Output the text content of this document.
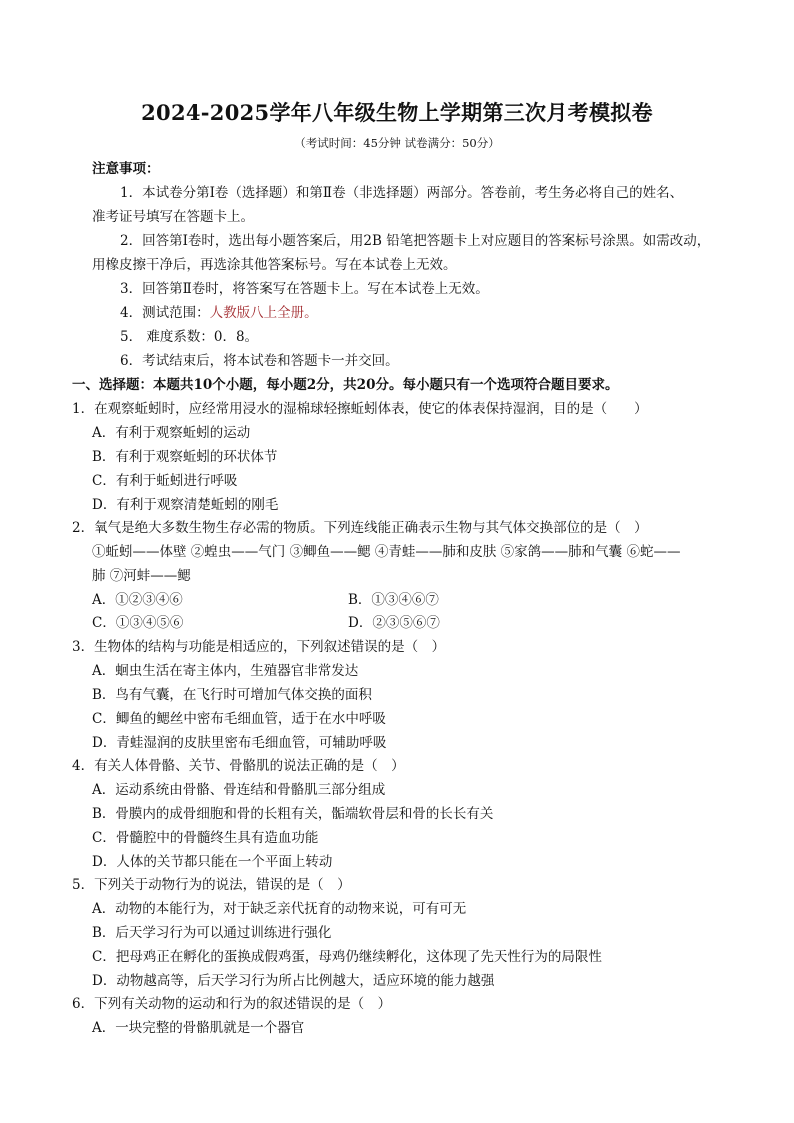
2024-2025学年八年级生物上学期第三次月考模拟卷
（考试时间：45分钟 试卷满分：50分）
注意事项：
1．本试卷分第Ⅰ卷（选择题）和第Ⅱ卷（非选择题）两部分。答卷前，考生务必将自己的姓名、
准考证号填写在答题卡上。
2．回答第Ⅰ卷时，选出每小题答案后，用2B 铅笔把答题卡上对应题目的答案标号涂黑。如需改动，
用橡皮擦干净后，再选涂其他答案标号。写在本试卷上无效。
3．回答第Ⅱ卷时，将答案写在答题卡上。写在本试卷上无效。
4．测试范围：人教版八上全册。
5． 难度系数：0．8。
6．考试结束后，将本试卷和答题卡一并交回。
一、选择题：本题共10个小题，每小题2分，共20分。每小题只有一个选项符合题目要求。
1．在观察蚯蚓时，应经常用浸水的湿棉球轻擦蚯蚓体表，使它的体表保持湿润，目的是（　　）
A．有利于观察蚯蚓的运动
B．有利于观察蚯蚓的环状体节
C．有利于蚯蚓进行呼吸
D．有利于观察清楚蚯蚓的刚毛
2．氧气是绝大多数生物生存必需的物质。下列连线能正确表示生物与其气体交换部位的是（　）
①蚯蚓——体壁 ②蝗虫——气门 ③鲫鱼——鳃 ④青蛙——肺和皮肤 ⑤家鸽——肺和气囊 ⑥蛇——
肺 ⑦河蚌——鳃
A．①②③④⑥	B．①③④⑥⑦
C．①③④⑤⑥	D．②③⑤⑥⑦
3．生物体的结构与功能是相适应的，下列叙述错误的是（　）
A．蛔虫生活在寄主体内，生殖器官非常发达
B．鸟有气囊，在飞行时可增加气体交换的面积
C．鲫鱼的鳃丝中密布毛细血管，适于在水中呼吸
D．青蛙湿润的皮肤里密布毛细血管，可辅助呼吸
4．有关人体骨骼、关节、骨骼肌的说法正确的是（　）
A．运动系统由骨骼、骨连结和骨骼肌三部分组成
B．骨膜内的成骨细胞和骨的长粗有关，骺端软骨层和骨的长长有关
C．骨髓腔中的骨髓终生具有造血功能
D．人体的关节都只能在一个平面上转动
5．下列关于动物行为的说法，错误的是（　）
A．动物的本能行为，对于缺乏亲代抚育的动物来说，可有可无
B．后天学习行为可以通过训练进行强化
C．把母鸡正在孵化的蛋换成假鸡蛋，母鸡仍继续孵化，这体现了先天性行为的局限性
D．动物越高等，后天学习行为所占比例越大，适应环境的能力越强
6．下列有关动物的运动和行为的叙述错误的是（　）
A．一块完整的骨骼肌就是一个器官
